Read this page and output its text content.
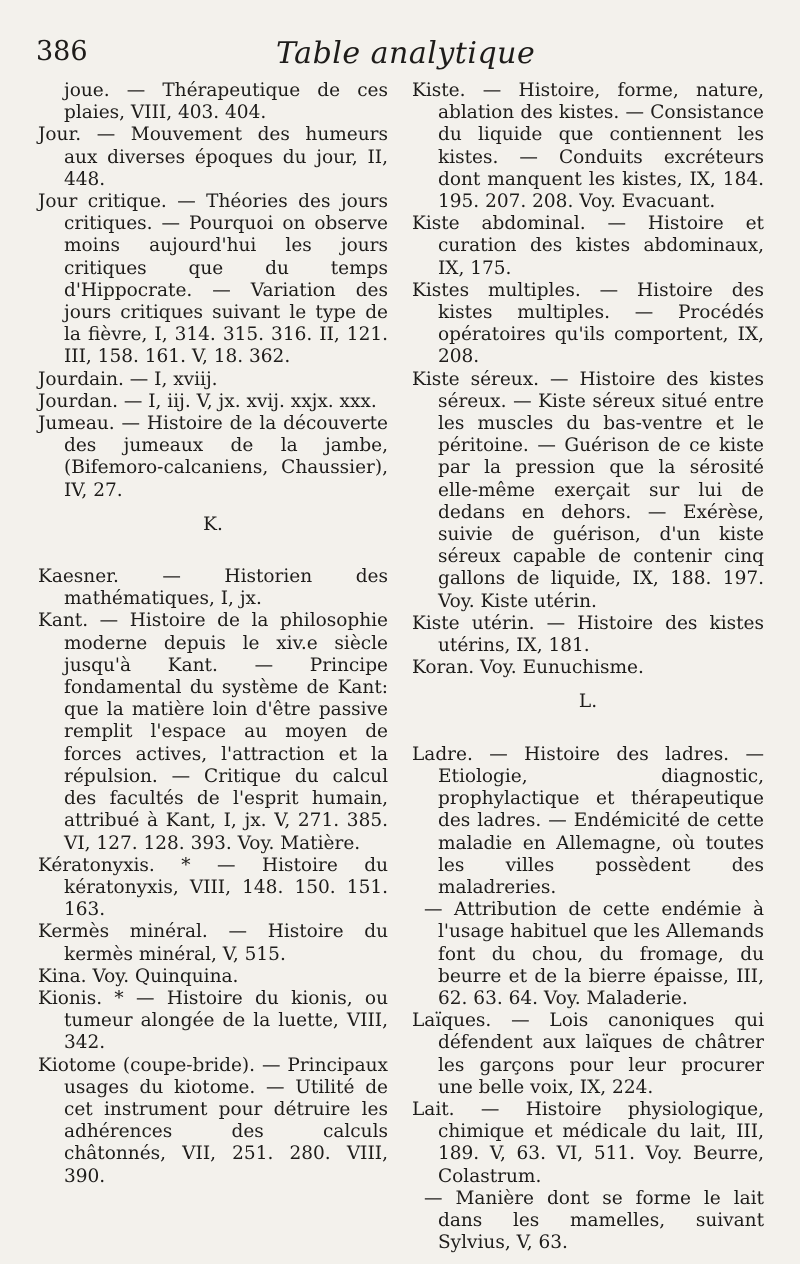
386	Table analytique
joue. — Thérapeutique de ces plaies, VIII, 403. 404.
Jour. — Mouvement des humeurs aux diverses époques du jour, II, 448.
Jour critique. — Théories des jours critiques. — Pourquoi on observe moins aujourd'hui les jours critiques que du temps d'Hippocrate. — Variation des jours critiques suivant le type de la fièvre, I, 314. 315. 316. II, 121. III, 158. 161. V, 18. 362.
Jourdain. — I, xviij.
Jourdan. — I, iij. V, jx. xvij. xxjx. xxx.
Jumeau. — Histoire de la découverte des jumeaux de la jambe, (Bifemoro-calcaniens, Chaussier), IV, 27.
K.
Kaesner. — Historien des mathématiques, I, jx.
Kant. — Histoire de la philosophie moderne depuis le xiv.e siècle jusqu'à Kant. — Principe fondamental du système de Kant: que la matière loin d'être passive remplit l'espace au moyen de forces actives, l'attraction et la répulsion. — Critique du calcul des facultés de l'esprit humain, attribué à Kant, I, jx. V, 271. 385. VI, 127. 128. 393. Voy. Matière.
Kératonyxis. * — Histoire du kératonyxis, VIII, 148. 150. 151. 163.
Kermès minéral. — Histoire du kermès minéral, V, 515.
Kina. Voy. Quinquina.
Kionis. * — Histoire du kionis, ou tumeur alongée de la luette, VIII, 342.
Kiotome (coupe-bride). — Principaux usages du kiotome. — Utilité de cet instrument pour détruire les adhérences des calculs châtonnés, VII, 251. 280. VIII, 390.
Kiste. — Histoire, forme, nature, ablation des kistes. — Consistance du liquide que contiennent les kistes. — Conduits excréteurs dont manquent les kistes, IX, 184. 195. 207. 208. Voy. Evacuant.
Kiste abdominal. — Histoire et curation des kistes abdominaux, IX, 175.
Kistes multiples. — Histoire des kistes multiples. — Procédés opératoires qu'ils comportent, IX, 208.
Kiste séreux. — Histoire des kistes séreux. — Kiste séreux situé entre les muscles du bas-ventre et le péritoine. — Guérison de ce kiste par la pression que la sérosité elle-même exerçait sur lui de dedans en dehors. — Exérèse, suivie de guérison, d'un kiste séreux capable de contenir cinq gallons de liquide, IX, 188. 197. Voy. Kiste utérin.
Kiste utérin. — Histoire des kistes utérins, IX, 181.
Koran. Voy. Eunuchisme.
L.
Ladre. — Histoire des ladres. — Etiologie, diagnostic, prophylactique et thérapeutique des ladres. — Endémicité de cette maladie en Allemagne, où toutes les villes possèdent des maladreries.
— Attribution de cette endémie à l'usage habituel que les Allemands font du chou, du fromage, du beurre et de la bierre épaisse, III, 62. 63. 64. Voy. Maladerie.
Laïques. — Lois canoniques qui défendent aux laïques de châtrer les garçons pour leur procurer une belle voix, IX, 224.
Lait. — Histoire physiologique, chimique et médicale du lait, III, 189. V, 63. VI, 511. Voy. Beurre, Colastrum.
— Manière dont se forme le lait dans les mamelles, suivant Sylvius, V, 63.
